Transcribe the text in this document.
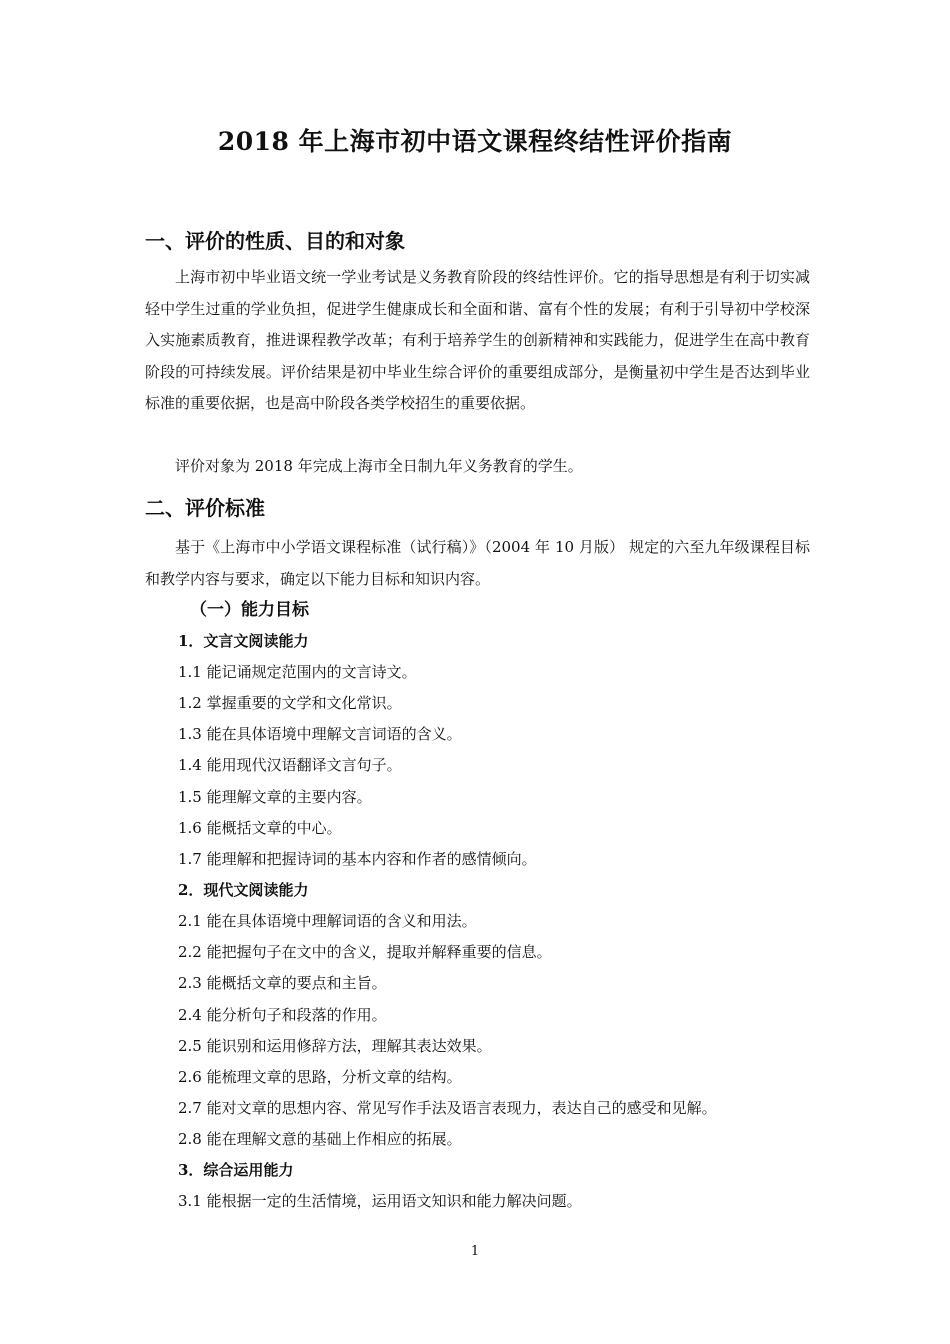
2018 年上海市初中语文课程终结性评价指南
一、评价的性质、目的和对象
上海市初中毕业语文统一学业考试是义务教育阶段的终结性评价。它的指导思想是有利于切实减轻中学生过重的学业负担，促进学生健康成长和全面和谐、富有个性的发展；有利于引导初中学校深入实施素质教育，推进课程教学改革；有利于培养学生的创新精神和实践能力，促进学生在高中教育阶段的可持续发展。评价结果是初中毕业生综合评价的重要组成部分，是衡量初中学生是否达到毕业标准的重要依据，也是高中阶段各类学校招生的重要依据。
评价对象为 2018 年完成上海市全日制九年义务教育的学生。
二、评价标准
基于《上海市中小学语文课程标准（试行稿）》（2004 年 10 月版） 规定的六至九年级课程目标和教学内容与要求，确定以下能力目标和知识内容。
（一）能力目标
1．文言文阅读能力
1.1 能记诵规定范围内的文言诗文。
1.2 掌握重要的文学和文化常识。
1.3 能在具体语境中理解文言词语的含义。
1.4 能用现代汉语翻译文言句子。
1.5 能理解文章的主要内容。
1.6 能概括文章的中心。
1.7 能理解和把握诗词的基本内容和作者的感情倾向。
2．现代文阅读能力
2.1 能在具体语境中理解词语的含义和用法。
2.2 能把握句子在文中的含义，提取并解释重要的信息。
2.3 能概括文章的要点和主旨。
2.4 能分析句子和段落的作用。
2.5 能识别和运用修辞方法，理解其表达效果。
2.6 能梳理文章的思路，分析文章的结构。
2.7 能对文章的思想内容、常见写作手法及语言表现力，表达自己的感受和见解。
2.8 能在理解文意的基础上作相应的拓展。
3．综合运用能力
3.1 能根据一定的生活情境，运用语文知识和能力解决问题。
1
